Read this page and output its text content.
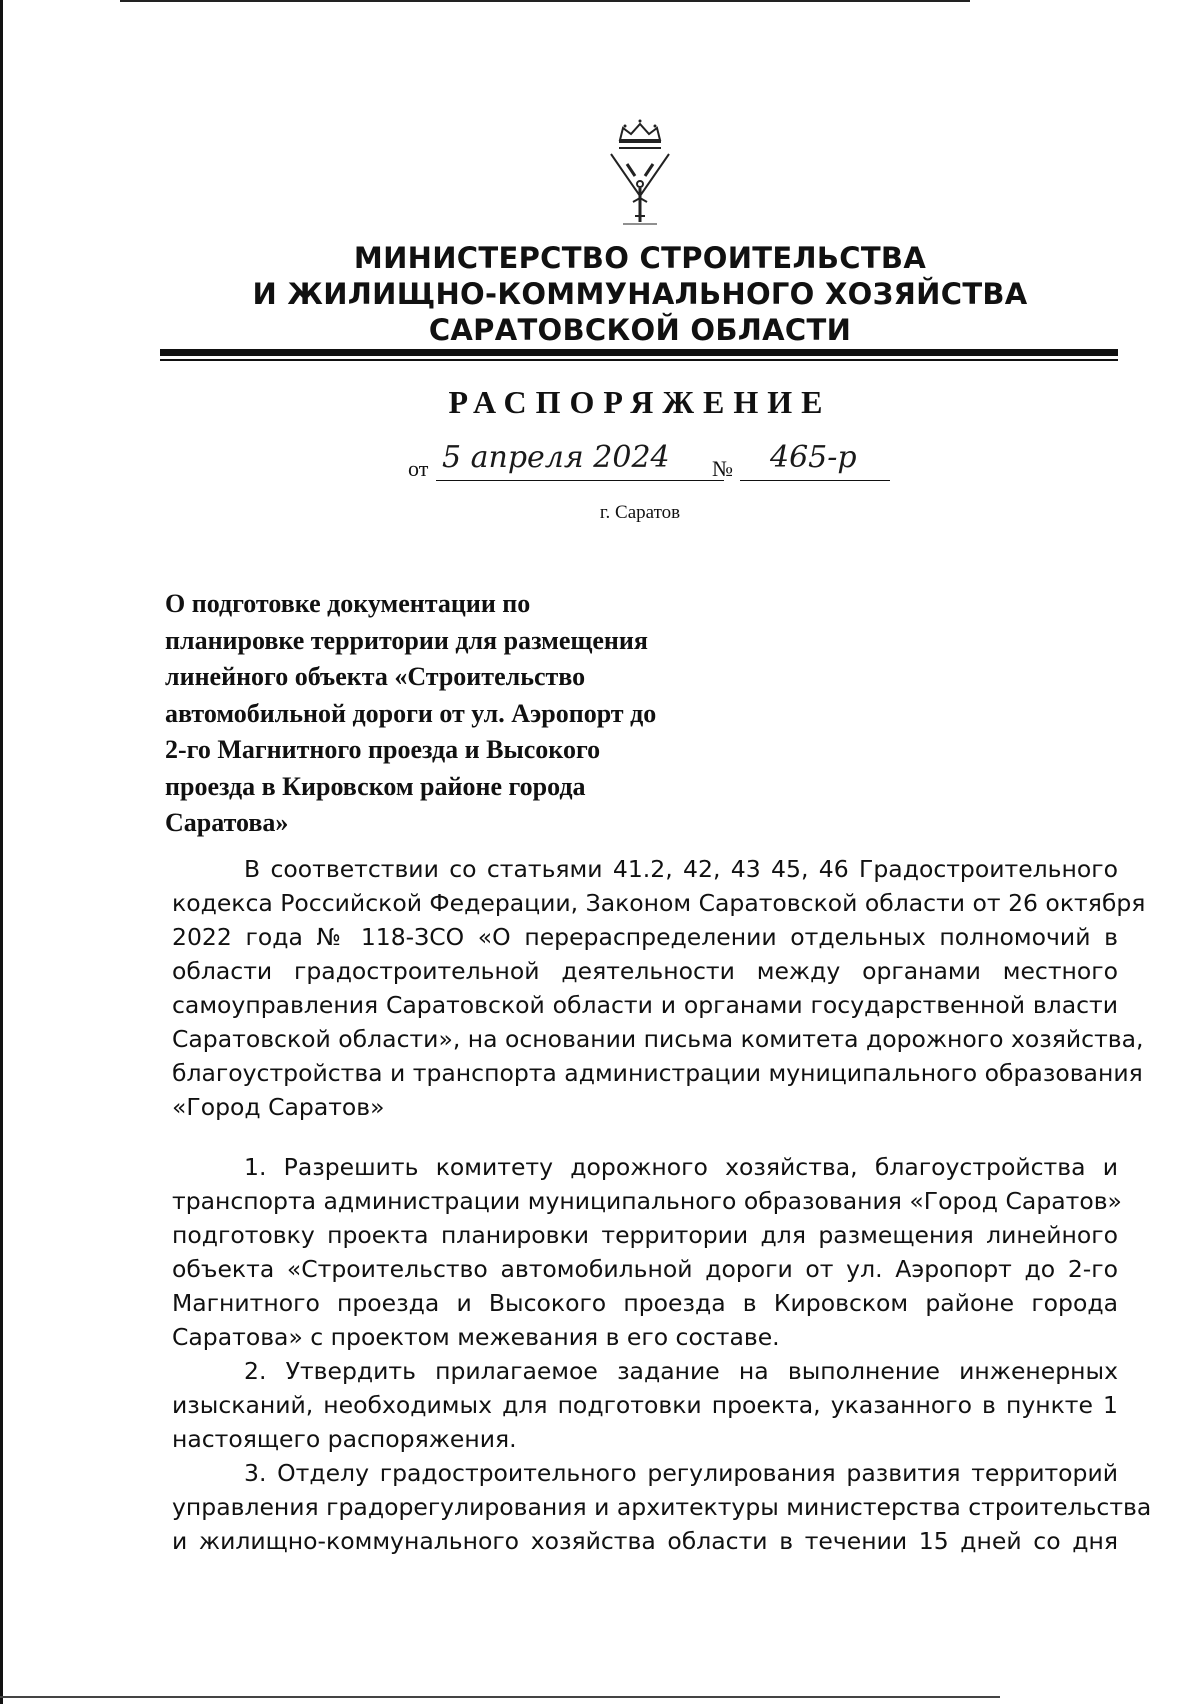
МИНИСТЕРСТВО СТРОИТЕЛЬСТВА
И ЖИЛИЩНО-КОММУНАЛЬНОГО ХОЗЯЙСТВА
САРАТОВСКОЙ ОБЛАСТИ
РАСПОРЯЖЕНИЕ
от 5 апреля 2024 № 465-р
г. Саратов
О подготовке документации по
планировке территории для размещения
линейного объекта «Строительство
автомобильной дороги от ул. Аэропорт до
2-го Магнитного проезда и Высокого
проезда в Кировском районе города
Саратова»
В соответствии со статьями 41.2, 42, 43 45, 46 Градостроительного
кодекса Российской Федерации, Законом Саратовской области от 26 октября
2022 года № 118-ЗСО «О перераспределении отдельных полномочий в
области градостроительной деятельности между органами местного
самоуправления Саратовской области и органами государственной власти
Саратовской области», на основании письма комитета дорожного хозяйства,
благоустройства и транспорта администрации муниципального образования
«Город Саратов»
1. Разрешить комитету дорожного хозяйства, благоустройства и
транспорта администрации муниципального образования «Город Саратов»
подготовку проекта планировки территории для размещения линейного
объекта «Строительство автомобильной дороги от ул. Аэропорт до 2-го
Магнитного проезда и Высокого проезда в Кировском районе города
Саратова» с проектом межевания в его составе.
2. Утвердить прилагаемое задание на выполнение инженерных
изысканий, необходимых для подготовки проекта, указанного в пункте 1
настоящего распоряжения.
3. Отделу градостроительного регулирования развития территорий
управления градорегулирования и архитектуры министерства строительства
и жилищно-коммунального хозяйства области в течении 15 дней со дня
